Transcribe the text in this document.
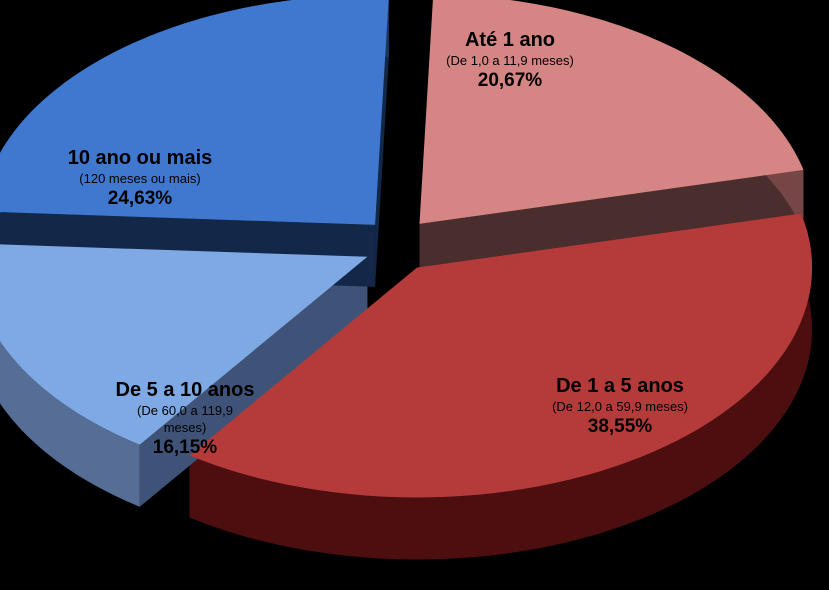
Até 1 ano
(De 1,0 a 11,9 meses)
20,67%
De 1 a 5 anos
(De 12,0 a 59,9 meses)
38,55%
De 5 a 10 anos
(De 60,0 a 119,9 meses)
16,15%
10 ano ou mais
(120 meses ou mais)
24,63%
